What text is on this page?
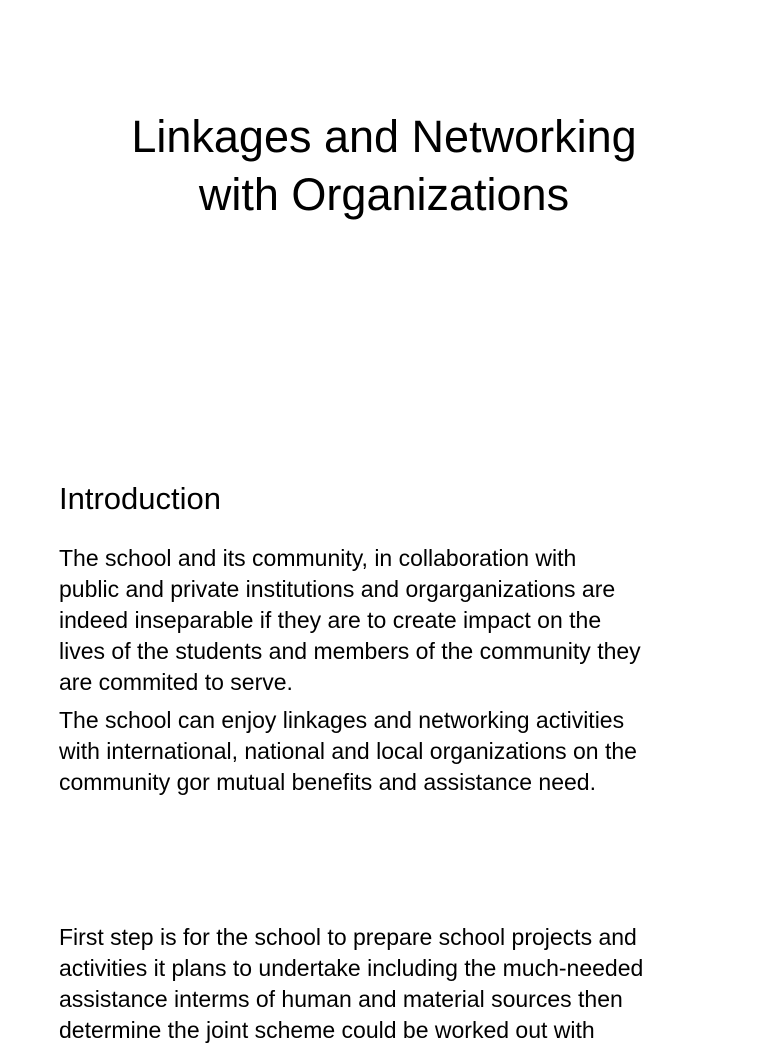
Linkages and Networking
with Organizations
Introduction

The school and its community, in collaboration with
public and private institutions and orgarganizations are
indeed inseparable if they are to create impact on the
lives of the students and members of the community they
are commited to serve.

The school can enjoy linkages and networking activities
with international, national and local organizations on the
community gor mutual benefits and assistance need.

First step is for the school to prepare school projects and
activities it plans to undertake including the much-needed
assistance interms of human and material sources then
determine the joint scheme could be worked out with
